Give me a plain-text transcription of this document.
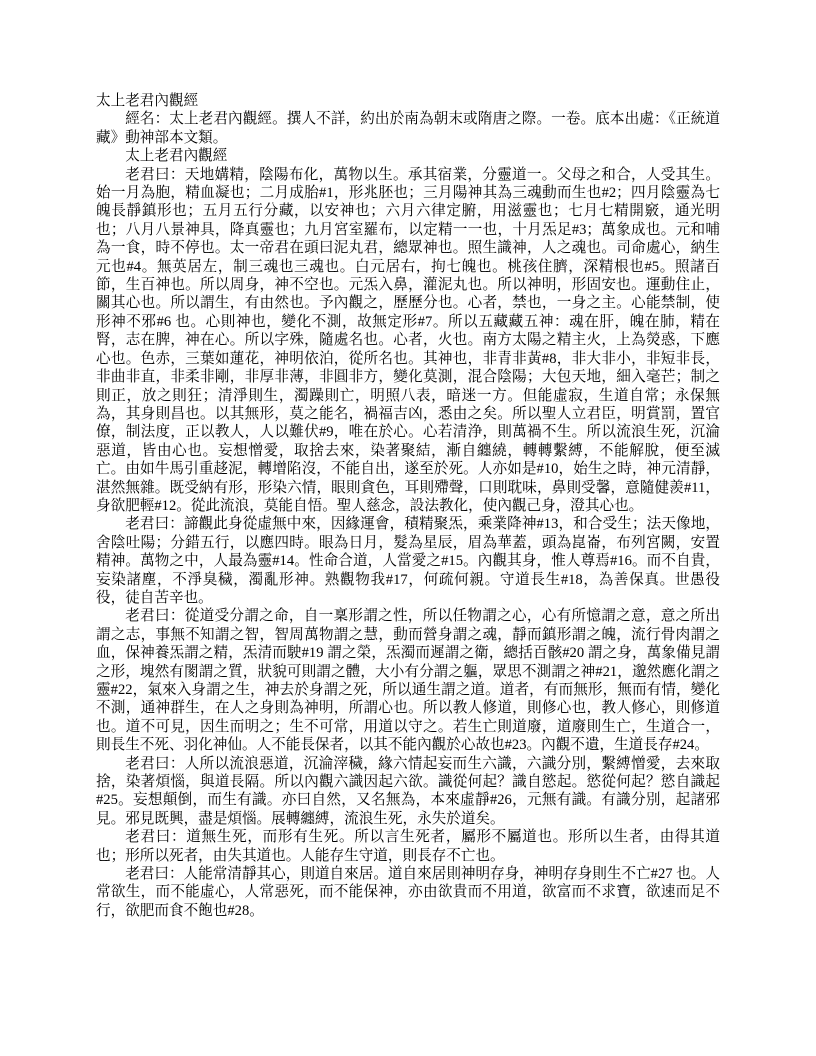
太上老君內觀經

經名：太上老君內觀經。撰人不詳，約出於南為朝末或隋唐之際。一卷。底本出處：《正統道藏》動神部本文類。

太上老君內觀經

老君曰：天地媾精，陰陽布化，萬物以生。承其宿業，分靈道一。父母之和合，人受其生。始一月為胞，精血凝也；二月成胎#1，形兆胚也；三月陽神其為三魂動而生也#2；四月陰靈為七魄長靜鎮形也；五月五行分藏，以安神也；六月六律定腑，用滋靈也；七月七精開竅，通光明也；八月八景神具，降真靈也；九月宮室羅布，以定精一一也，十月炁足#3；萬象成也。元和哺為一食，時不停也。太一帝君在頭曰泥丸君，總眾神也。照生識神，人之魂也。司命處心，納生元也#4。無英居左，制三魂也三魂也。白元居右，拘七魄也。桃孩住臍，深精根也#5。照諸百節，生百神也。所以周身，神不空也。元炁入鼻，灌泥丸也。所以神明，形固安也。運動住止，關其心也。所以謂生，有由然也。予內觀之，歷歷分也。心者，禁也，一身之主。心能禁制，使形神不邪#6 也。心則神也，變化不測，故無定形#7。所以五藏藏五神：魂在肝，魄在肺，精在腎，志在脾，神在心。所以字殊，隨處名也。心者，火也。南方太陽之精主火，上為熒惑，下應心也。色赤，三葉如蓮花，神明依泊，從所名也。其神也，非青非黃#8，非大非小，非短非長，非曲非直，非柔非剛，非厚非薄，非圓非方，變化莫測，混合陰陽；大包天地，細入毫芒；制之則正，放之則狂；清淨則生，濁躁則亡，明照八表，暗迷一方。但能虛寂，生道自常；永保無為，其身則昌也。以其無形，莫之能名，禍福吉凶，悉由之矣。所以聖人立君臣，明賞罰，置官僚，制法度，正以教人，人以難伏#9，唯在於心。心若清浄，則萬禍不生。所以流浪生死，沉淪惡道，皆由心也。妄想憎愛，取捨去來，染著聚結，漸自纏繞，轉轉繫縛，不能解脫，便至滅亡。由如牛馬引重趍泥，轉增陷沒，不能自出，遂至於死。人亦如是#10，始生之時，神元清靜，湛然無雜。既受納有形，形染六情，眼則貪色，耳則殢聲，口則耽味，鼻則受馨，意隨健羨#11，身欲肥輕#12。從此流浪，莫能自悟。聖人慈念，設法教化，使內觀己身，澄其心也。

老君曰：諦觀此身從虛無中來，因緣運會，積精聚炁，乘業降神#13，和合受生；法天像地，舍陰吐陽；分錯五行，以應四時。眼為日月，髮為星辰，眉為華蓋，頭為崑崙，布列宮闕，安置精神。萬物之中，人最為靈#14。性命合道，人當愛之#15。內觀其身，惟人尊焉#16。而不自貴，妄染諸塵，不淨臭穢，濁亂形神。熟觀物我#17，何疏何親。守道長生#18，為善保真。世愚役役，徒自苦辛也。

老君曰：從道受分謂之命，自一稟形謂之性，所以任物謂之心，心有所憶謂之意，意之所出謂之志，事無不知謂之智，智周萬物謂之慧，動而營身謂之魂，靜而鎮形謂之魄，流行骨肉謂之血，保神養炁謂之精，炁清而駛#19 謂之榮，炁濁而遲謂之衛，總括百骸#20 謂之身，萬象備見謂之形，塊然有閡謂之質，狀貌可則謂之體，大小有分謂之軀，眾思不測謂之神#21，邈然應化謂之靈#22，氣來入身謂之生，神去於身謂之死，所以通生謂之道。道者，有而無形，無而有情，變化不測，通神群生，在人之身則為神明，所謂心也。所以教人修道，則修心也，教人修心，則修道也。道不可見，因生而明之；生不可常，用道以守之。若生亡則道廢，道廢則生亡，生道合一，則長生不死、羽化神仙。人不能長保者，以其不能內觀於心故也#23。內觀不遺，生道長存#24。

老君曰：人所以流浪惡道，沉淪滓穢，緣六情起妄而生六識，六識分別，繫縛憎愛，去來取捨，染著煩惱，與道長隔。所以內觀六識因起六欲。識從何起？識自慾起。慾從何起？慾自識起#25。妄想顛倒，而生有識。亦曰自然，又名無為，本來虛靜#26，元無有識。有識分別，起諸邪見。邪見既興，盡是煩惱。展轉纏縛，流浪生死，永失於道矣。

老君曰：道無生死，而形有生死。所以言生死者，屬形不屬道也。形所以生者，由得其道也；形所以死者，由失其道也。人能存生守道，則長存不亡也。

老君曰：人能常清靜其心，則道自來居。道自來居則神明存身，神明存身則生不亡#27 也。人常欲生，而不能虛心，人常惡死，而不能保神，亦由欲貴而不用道，欲富而不求寶，欲速而足不行，欲肥而食不飽也#28。
